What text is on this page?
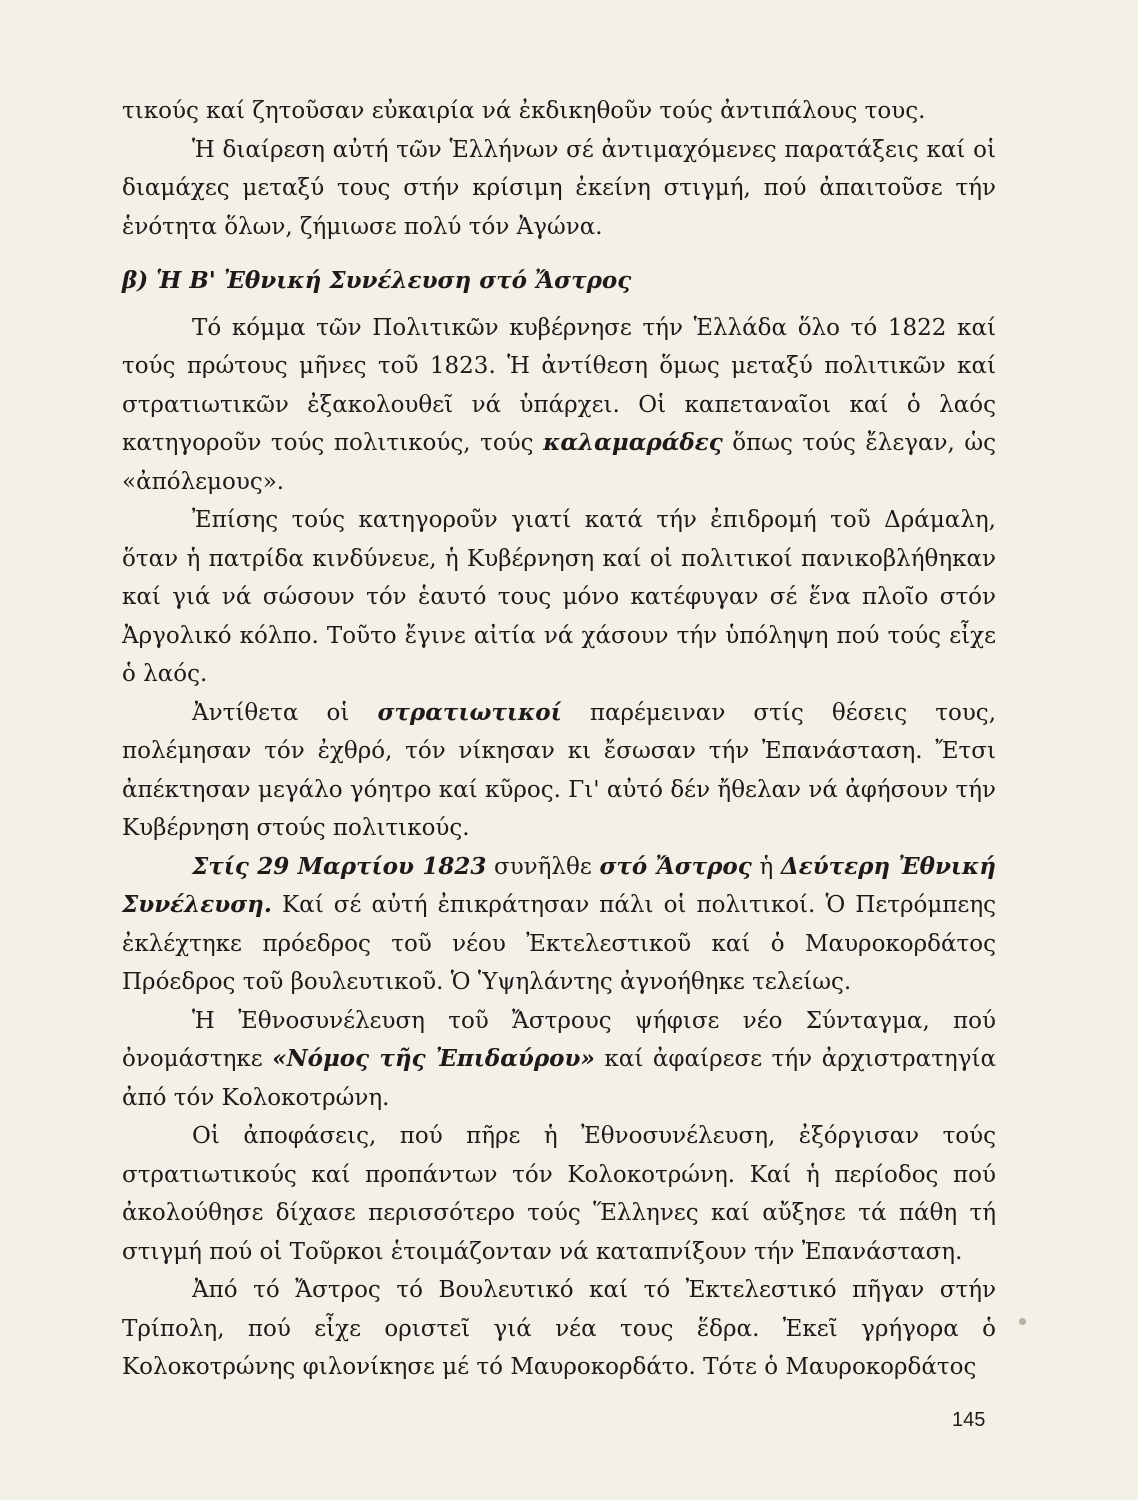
τικούς καί ζητοῦσαν εὐκαιρία νά ἐκδικηθοῦν τούς ἀντιπάλους τους.

Ἡ διαίρεση αὐτή τῶν Ἑλλήνων σέ ἀντιμαχόμενες παρατάξεις καί οἱ διαμάχες μεταξύ τους στήν κρίσιμη ἐκείνη στιγμή, πού ἀπαιτοῦσε τήν ἑνότητα ὅλων, ζήμιωσε πολύ τόν Ἀγώνα.

β) Ἡ Β' Ἐθνική Συνέλευση στό Ἄστρος

Τό κόμμα τῶν Πολιτικῶν κυβέρνησε τήν Ἑλλάδα ὅλο τό 1822 καί τούς πρώτους μῆνες τοῦ 1823. Ἡ ἀντίθεση ὅμως μεταξύ πολιτικῶν καί στρατιωτικῶν ἐξακολουθεῖ νά ὑπάρχει. Οἱ καπεταναῖοι καί ὁ λαός κατηγοροῦν τούς πολιτικούς, τούς καλαμαράδες ὅπως τούς ἔλεγαν, ὡς «ἀπόλεμους».

Ἐπίσης τούς κατηγοροῦν γιατί κατά τήν ἐπιδρομή τοῦ Δράμαλη, ὅταν ἡ πατρίδα κινδύνευε, ἡ Κυβέρνηση καί οἱ πολιτικοί πανικοβλήθηκαν καί γιά νά σώσουν τόν ἑαυτό τους μόνο κατέφυγαν σέ ἕνα πλοῖο στόν Ἀργολικό κόλπο. Τοῦτο ἔγινε αἰτία νά χάσουν τήν ὑπόληψη πού τούς εἶχε ὁ λαός.

Ἀντίθετα οἱ στρατιωτικοί παρέμειναν στίς θέσεις τους, πολέμησαν τόν ἐχθρό, τόν νίκησαν κι ἔσωσαν τήν Ἐπανάσταση. Ἔτσι ἀπέκτησαν μεγάλο γόητρο καί κῦρος. Γι' αὐτό δέν ἤθελαν νά ἀφήσουν τήν Κυβέρνηση στούς πολιτικούς.

Στίς 29 Μαρτίου 1823 συνῆλθε στό Ἄστρος ἡ Δεύτερη Ἐθνική Συνέλευση. Καί σέ αὐτή ἐπικράτησαν πάλι οἱ πολιτικοί. Ὁ Πετρόμπεης ἐκλέχτηκε πρόεδρος τοῦ νέου Ἐκτελεστικοῦ καί ὁ Μαυροκορδάτος Πρόεδρος τοῦ βουλευτικοῦ. Ὁ Ὑψηλάντης ἀγνοήθηκε τελείως.

Ἡ Ἐθνοσυνέλευση τοῦ Ἄστρους ψήφισε νέο Σύνταγμα, πού ὀνομάστηκε «Νόμος τῆς Ἐπιδαύρου» καί ἀφαίρεσε τήν ἀρχιστρατηγία ἀπό τόν Κολοκοτρώνη.

Οἱ ἀποφάσεις, πού πῆρε ἡ Ἐθνοσυνέλευση, ἐξόργισαν τούς στρατιωτικούς καί προπάντων τόν Κολοκοτρώνη. Καί ἡ περίοδος πού ἀκολούθησε δίχασε περισσότερο τούς Ἕλληνες καί αὔξησε τά πάθη τή στιγμή πού οἱ Τοῦρκοι ἑτοιμάζονταν νά καταπνίξουν τήν Ἐπανάσταση.

Ἀπό τό Ἄστρος τό Βουλευτικό καί τό Ἐκτελεστικό πῆγαν στήν Τρίπολη, πού εἶχε οριστεῖ γιά νέα τους ἕδρα. Ἐκεῖ γρήγορα ὁ Κολοκοτρώνης φιλονίκησε μέ τό Μαυροκορδάτο. Τότε ὁ Μαυροκορδάτος

145
